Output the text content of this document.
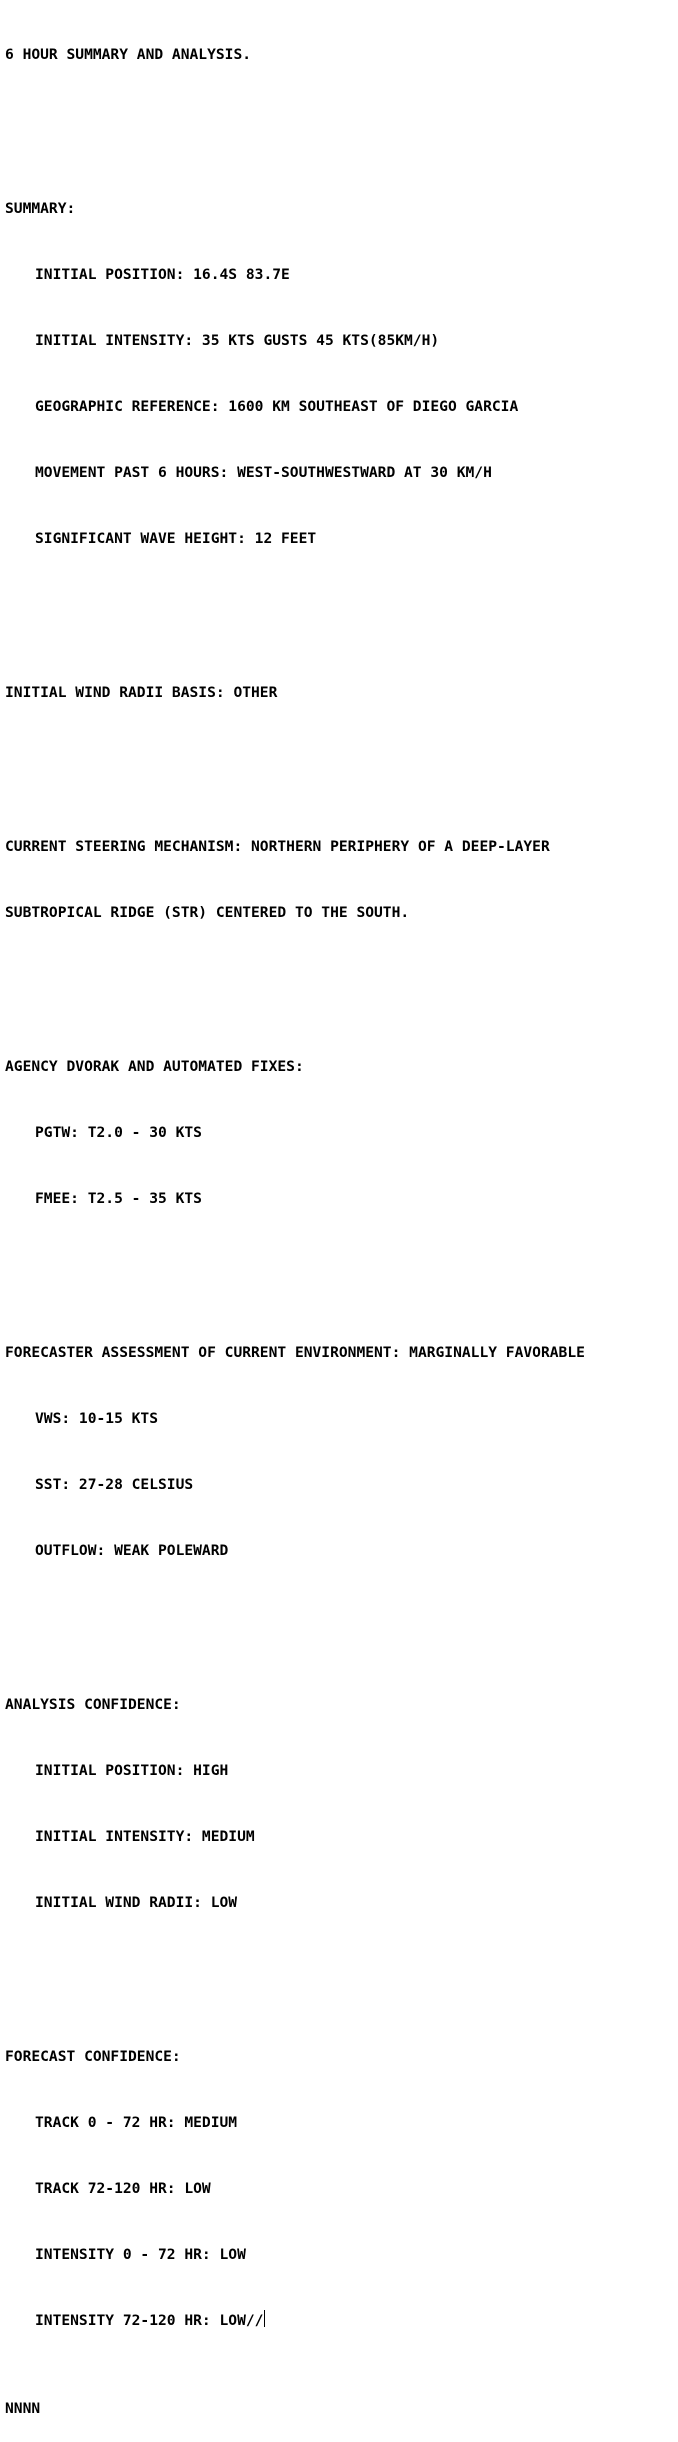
6 HOUR SUMMARY AND ANALYSIS.

SUMMARY:

INITIAL POSITION: 16.4S 83.7E

INITIAL INTENSITY: 35 KTS GUSTS 45 KTS(85KM/H)

GEOGRAPHIC REFERENCE: 1600 KM SOUTHEAST OF DIEGO GARCIA

MOVEMENT PAST 6 HOURS: WEST-SOUTHWESTWARD AT 30 KM/H

SIGNIFICANT WAVE HEIGHT: 12 FEET

INITIAL WIND RADII BASIS: OTHER

CURRENT STEERING MECHANISM: NORTHERN PERIPHERY OF A DEEP-LAYER

SUBTROPICAL RIDGE (STR) CENTERED TO THE SOUTH.

AGENCY DVORAK AND AUTOMATED FIXES:

PGTW: T2.0 - 30 KTS

FMEE: T2.5 - 35 KTS

FORECASTER ASSESSMENT OF CURRENT ENVIRONMENT: MARGINALLY FAVORABLE

VWS: 10-15 KTS

SST: 27-28 CELSIUS

OUTFLOW: WEAK POLEWARD

ANALYSIS CONFIDENCE:

INITIAL POSITION: HIGH

INITIAL INTENSITY: MEDIUM

INITIAL WIND RADII: LOW

FORECAST CONFIDENCE:

TRACK 0 - 72 HR: MEDIUM

TRACK 72-120 HR: LOW

INTENSITY 0 - 72 HR: LOW

INTENSITY 72-120 HR: LOW//

NNNN
